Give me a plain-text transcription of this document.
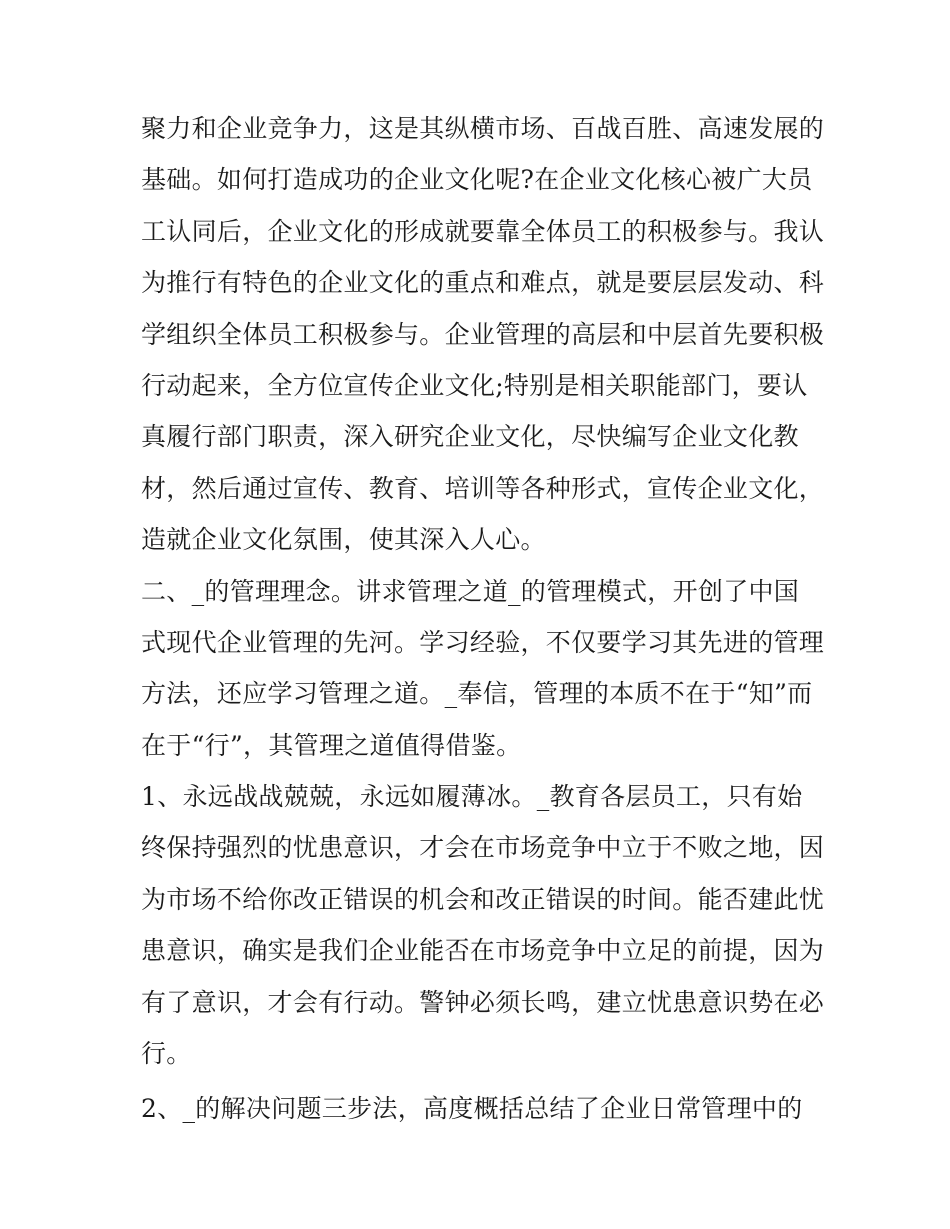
聚力和企业竞争力，这是其纵横市场、百战百胜、高速发展的
基础。如何打造成功的企业文化呢?在企业文化核心被广大员
工认同后，企业文化的形成就要靠全体员工的积极参与。我认
为推行有特色的企业文化的重点和难点，就是要层层发动、科
学组织全体员工积极参与。企业管理的高层和中层首先要积极
行动起来，全方位宣传企业文化;特别是相关职能部门，要认
真履行部门职责，深入研究企业文化，尽快编写企业文化教
材，然后通过宣传、教育、培训等各种形式，宣传企业文化，
造就企业文化氛围，使其深入人心。
二、_的管理理念。讲求管理之道_的管理模式，开创了中国
式现代企业管理的先河。学习经验，不仅要学习其先进的管理
方法，还应学习管理之道。_奉信，管理的本质不在于“知”而
在于“行”，其管理之道值得借鉴。
1、永远战战兢兢，永远如履薄冰。_教育各层员工，只有始
终保持强烈的忧患意识，才会在市场竞争中立于不败之地，因
为市场不给你改正错误的机会和改正错误的时间。能否建此忧
患意识，确实是我们企业能否在市场竞争中立足的前提，因为
有了意识，才会有行动。警钟必须长鸣，建立忧患意识势在必
行。
2、_的解决问题三步法，高度概括总结了企业日常管理中的
